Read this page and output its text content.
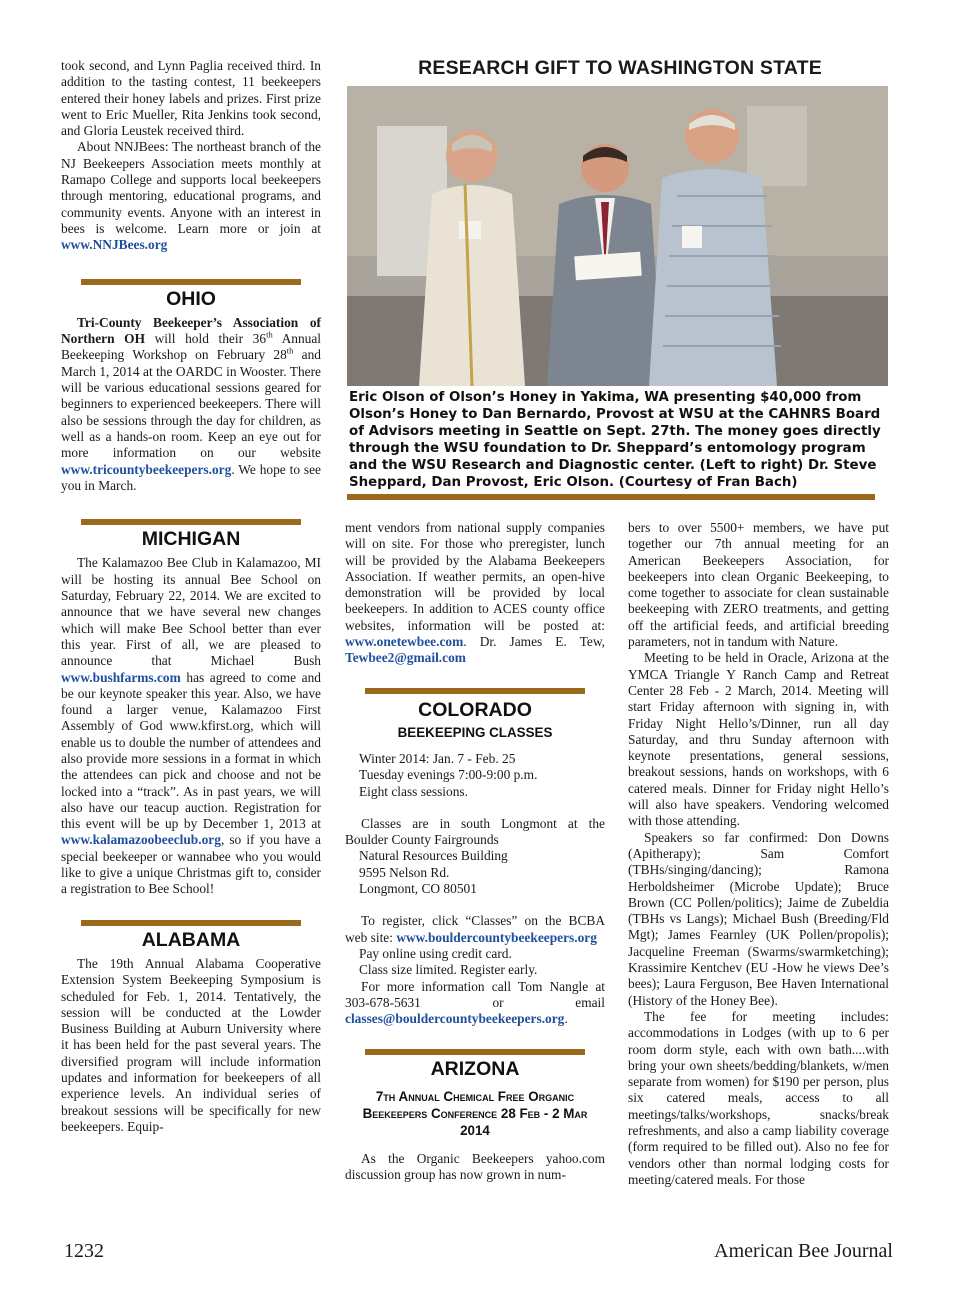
took second, and Lynn Paglia received third. In addition to the tasting contest, 11 beekeepers entered their honey labels and prizes. First prize went to Eric Mueller, Rita Jenkins took second, and Gloria Leustek received third.

About NNJBees: The northeast branch of the NJ Beekeepers Association meets monthly at Ramapo College and supports local beekeepers through mentoring, educational programs, and community events. Anyone with an interest in bees is welcome. Learn more or join at www.NNJBees.org

OHIO

Tri-County Beekeeper’s Association of Northern OH will hold their 36th Annual Beekeeping Workshop on February 28th and March 1, 2014 at the OARDC in Wooster. There will be various educational sessions geared for beginners to experienced beekeepers. There will also be sessions through the day for children, as well as a hands-on room. Keep an eye out for more information on our website www.tricountybeekeepers.org. We hope to see you in March.

MICHIGAN

The Kalamazoo Bee Club in Kalamazoo, MI will be hosting its annual Bee School on Saturday, February 22, 2014. We are excited to announce that we have several new changes which will make Bee School better than ever this year. First of all, we are pleased to announce that Michael Bush www.bushfarms.com has agreed to come and be our keynote speaker this year. Also, we have found a larger venue, Kalamazoo First Assembly of God www.kfirst.org, which will enable us to double the number of attendees and also provide more sessions in a format in which the attendees can pick and choose and not be locked into a “track”. As in past years, we will also have our teacup auction. Registration for this event will be up by December 1, 2013 at www.kalamazoobeeclub.org, so if you have a special beekeeper or wannabee who you would like to give a unique Christmas gift to, consider a registration to Bee School!

ALABAMA

The 19th Annual Alabama Cooperative Extension System Beekeeping Symposium is scheduled for Feb. 1, 2014. Tentatively, the session will be conducted at the Lowder Business Building at Auburn University where it has been held for the past several years. The diversified program will include information updates and information for beekeepers of all experience levels. An individual series of breakout sessions will be specifically for new beekeepers. Equip-

RESEARCH GIFT TO WASHINGTON STATE
Eric Olson of Olson’s Honey in Yakima, WA presenting $40,000 from Olson’s Honey to Dan Bernardo, Provost at WSU at the CAHNRS Board of Advisors meeting in Seattle on Sept. 27th. The money goes directly through the WSU foundation to Dr. Sheppard’s entomology program and the WSU Research and Diagnostic center. (Left to right) Dr. Steve Sheppard, Dan Provost, Eric Olson. (Courtesy of Fran Bach)

ment vendors from national supply companies will on site. For those who preregister, lunch will be provided by the Alabama Beekeepers Association. If weather permits, an open-hive demonstration will be provided by local beekeepers. In addition to ACES county office websites, information will be posted at: www.onetewbee.com. Dr. James E. Tew, Tewbee2@gmail.com

COLORADO
BEEKEEPING CLASSES
Winter 2014: Jan. 7 - Feb. 25
Tuesday evenings 7:00-9:00 p.m.
Eight class sessions.

Classes are in south Longmont at the Boulder County Fairgrounds

Natural Resources Building
9595 Nelson Rd.
Longmont, CO 80501

To register, click “Classes” on the BCBA web site: www.bouldercountybeekeepers.org

Pay online using credit card.
Class size limited. Register early.

For more information call Tom Nangle at 303-678-5631 or email classes@bouldercountybeekeepers.org.

ARIZONA
7th Annual Chemical Free Organic Beekeepers Conference 28 Feb - 2 Mar 2014

As the Organic Beekeepers yahoo.com discussion group has now grown in num-

bers to over 5500+ members, we have put together our 7th annual meeting for an American Beekeepers Association, for beekeepers into clean Organic Beekeeping, to come together to associate for clean sustainable beekeeping with ZERO treatments, and getting off the artificial feeds, and artificial breeding parameters, not in tandum with Nature.

Meeting to be held in Oracle, Arizona at the YMCA Triangle Y Ranch Camp and Retreat Center 28 Feb - 2 March, 2014. Meeting will start Friday afternoon with signing in, with Friday Night Hello’s/Dinner, run all day Saturday, and thru Sunday afternoon with keynote presentations, general sessions, breakout sessions, hands on workshops, with 6 catered meals. Dinner for Friday night Hello’s will also have speakers. Vendoring welcomed with those attending.

Speakers so far confirmed: Don Downs (Apitherapy); Sam Comfort (TBHs/singing/dancing); Ramona Herboldsheimer (Microbe Update); Bruce Brown (CC Pollen/politics); Jaime de Zubeldia (TBHs vs Langs); Michael Bush (Breeding/Fld Mgt); James Fearnley (UK Pollen/propolis); Jacqueline Freeman (Swarms/swarmketching); Krassimire Kentchev (EU -How he views Dee’s bees); Laura Ferguson, Bee Haven International (History of the Honey Bee).

The fee for meeting includes: accommodations in Lodges (with up to 6 per room dorm style, each with own bath....with bring your own sheets/bedding/blankets, w/men separate from women) for $190 per person, plus six catered meals, access to all meetings/talks/workshops, snacks/break refreshments, and also a camp liability coverage (form required to be filled out). Also no fee for vendors other than normal lodging costs for meeting/catered meals. For those

1232	American Bee Journal
